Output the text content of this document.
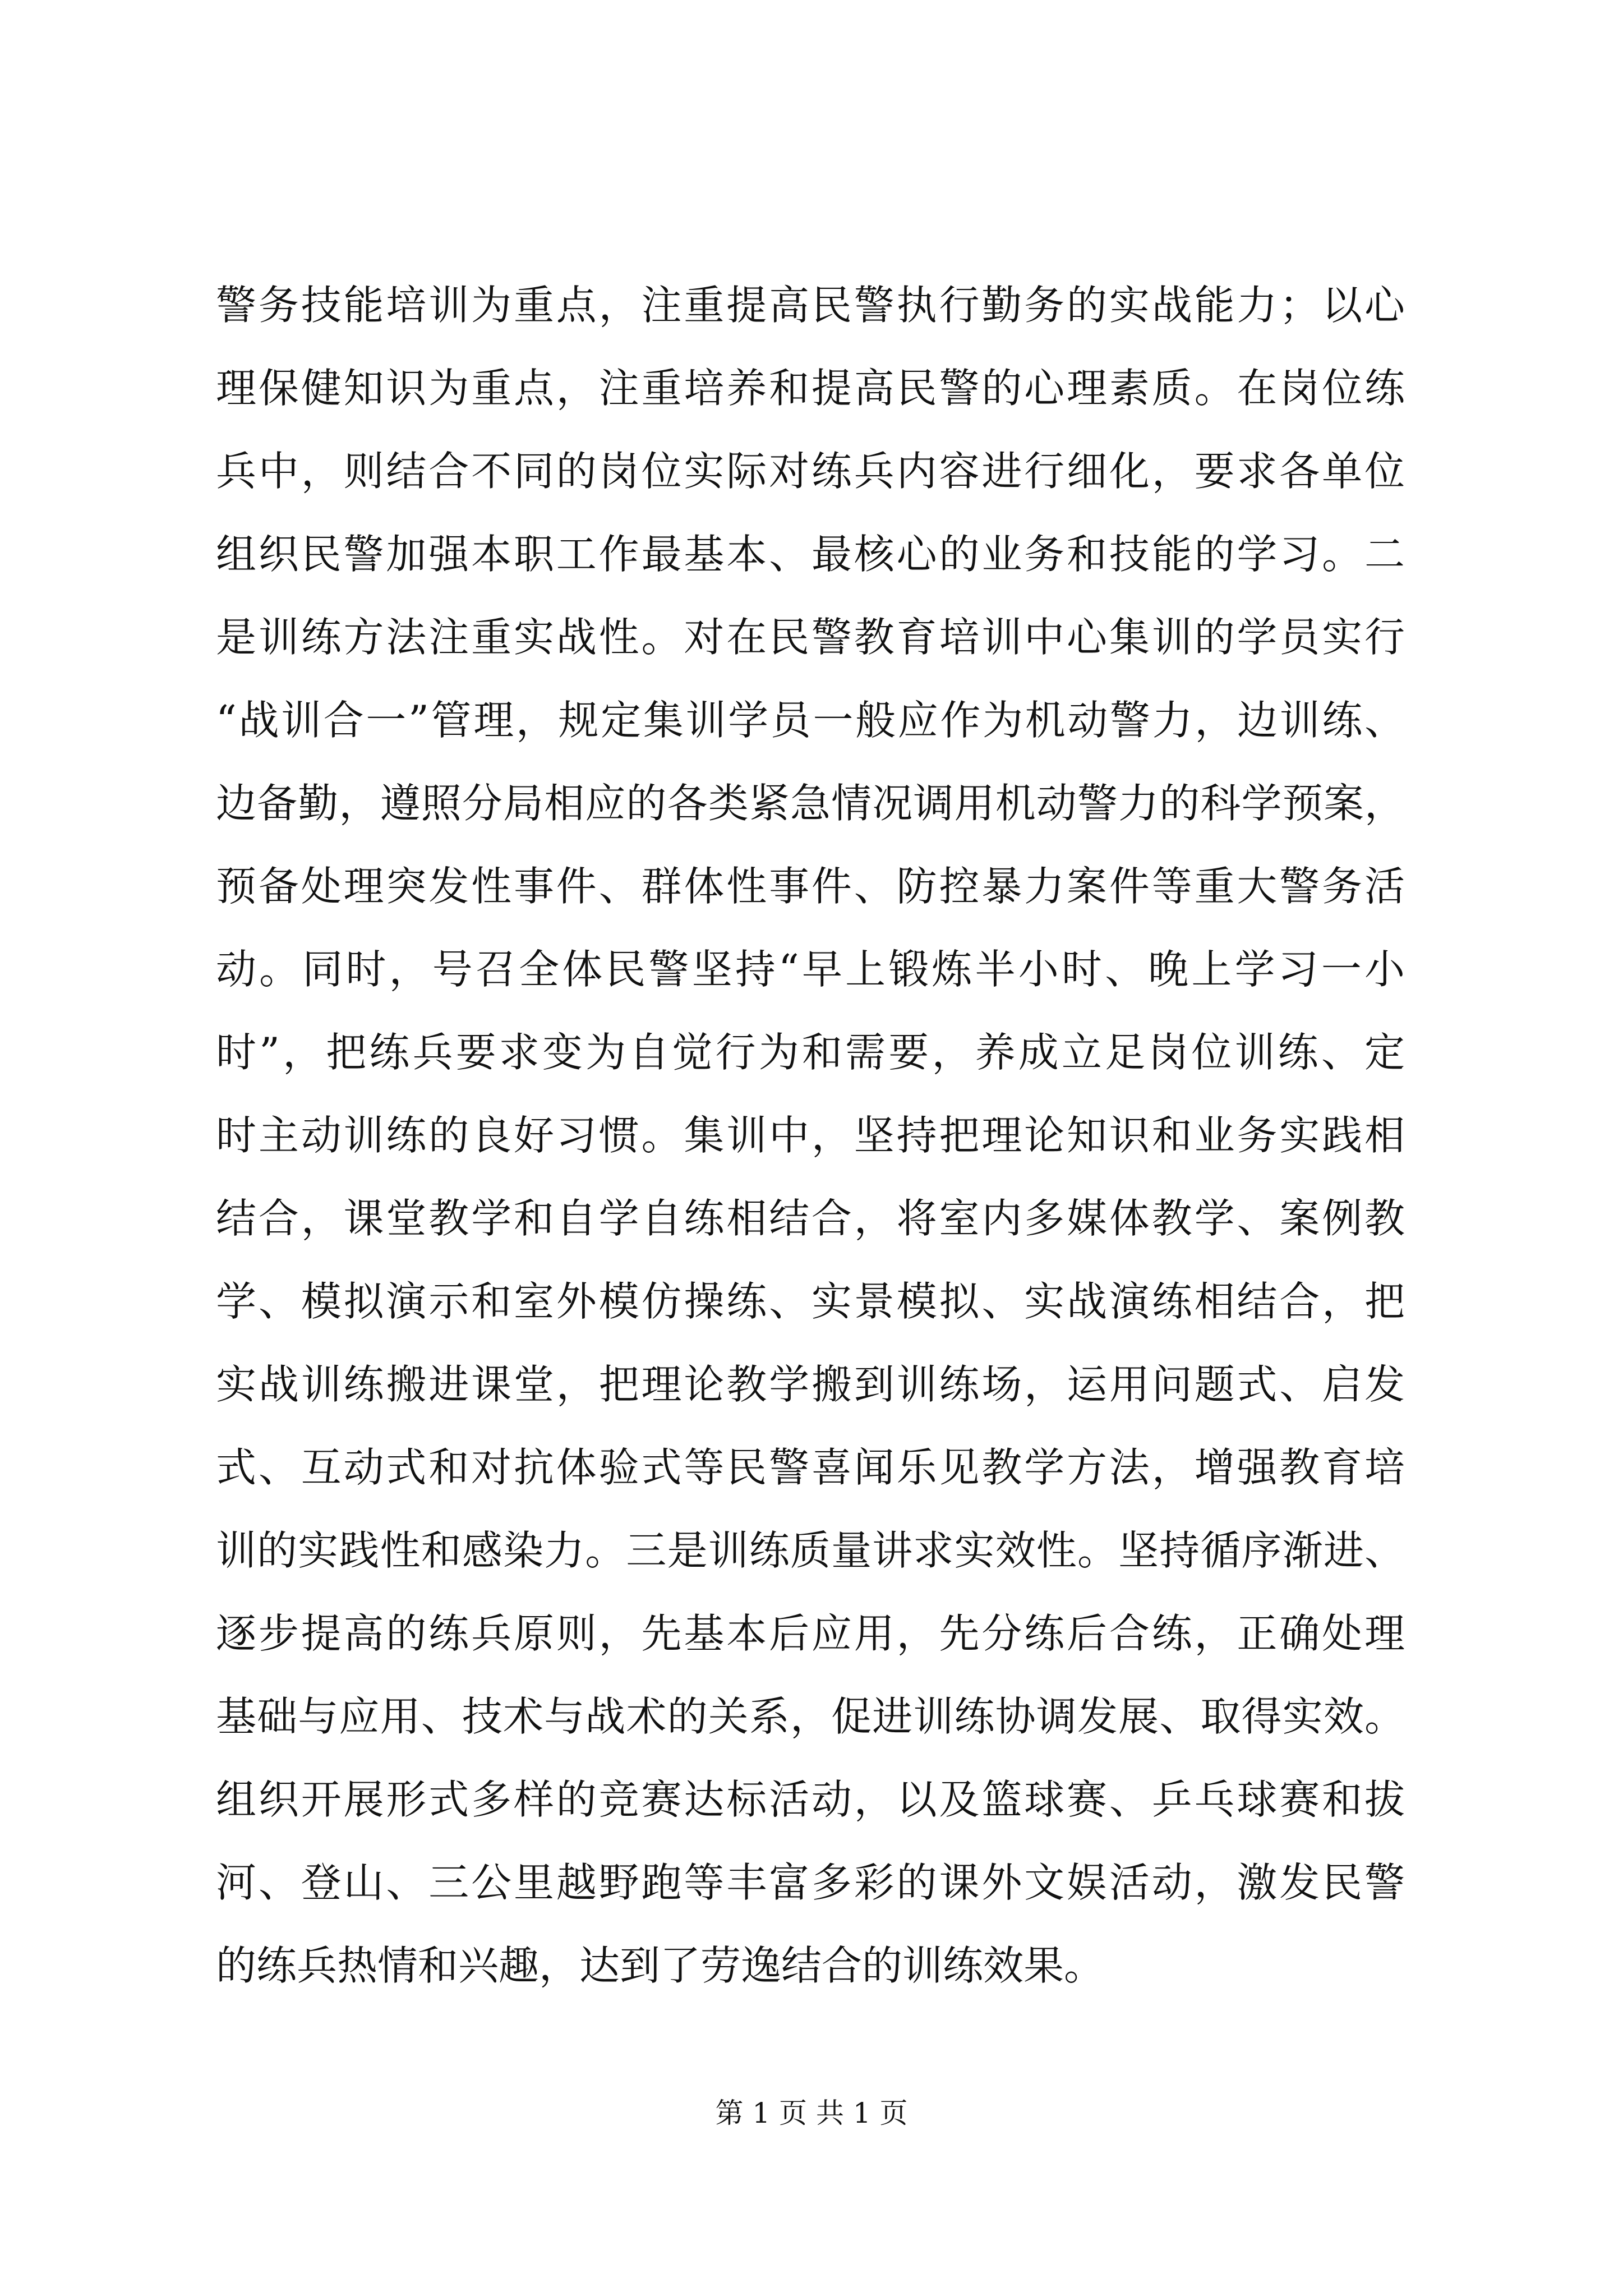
警务技能培训为重点，注重提高民警执行勤务的实战能力；以心
理保健知识为重点，注重培养和提高民警的心理素质。在岗位练
兵中，则结合不同的岗位实际对练兵内容进行细化，要求各单位
组织民警加强本职工作最基本、最核心的业务和技能的学习。二
是训练方法注重实战性。对在民警教育培训中心集训的学员实行
“战训合一”管理，规定集训学员一般应作为机动警力，边训练、
边备勤，遵照分局相应的各类紧急情况调用机动警力的科学预案，
预备处理突发性事件、群体性事件、防控暴力案件等重大警务活
动。同时，号召全体民警坚持“早上锻炼半小时、晚上学习一小
时”，把练兵要求变为自觉行为和需要，养成立足岗位训练、定
时主动训练的良好习惯。集训中，坚持把理论知识和业务实践相
结合，课堂教学和自学自练相结合，将室内多媒体教学、案例教
学、模拟演示和室外模仿操练、实景模拟、实战演练相结合，把
实战训练搬进课堂，把理论教学搬到训练场，运用问题式、启发
式、互动式和对抗体验式等民警喜闻乐见教学方法，增强教育培
训的实践性和感染力。三是训练质量讲求实效性。坚持循序渐进、
逐步提高的练兵原则，先基本后应用，先分练后合练，正确处理
基础与应用、技术与战术的关系，促进训练协调发展、取得实效。
组织开展形式多样的竞赛达标活动，以及篮球赛、乒乓球赛和拔
河、登山、三公里越野跑等丰富多彩的课外文娱活动，激发民警
的练兵热情和兴趣，达到了劳逸结合的训练效果。
第 1 页 共 1 页
